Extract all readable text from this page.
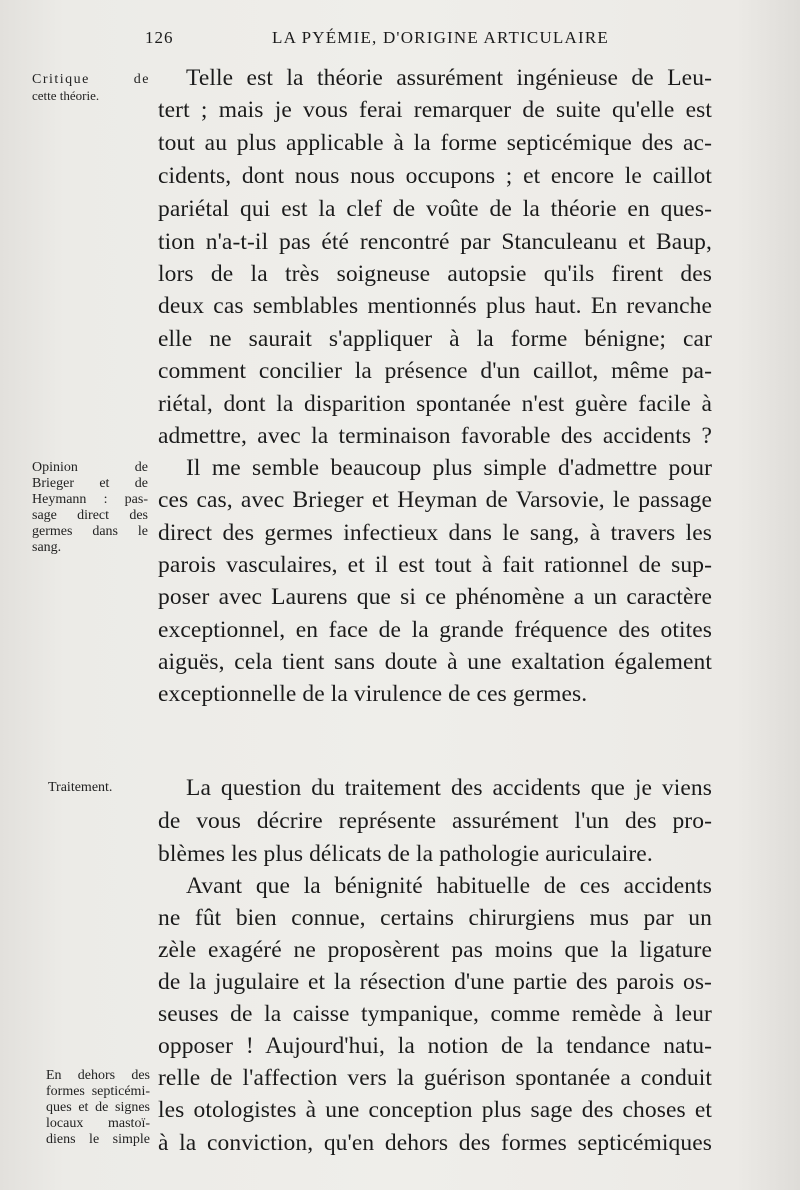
126	LA PYÉMIE, D'ORIGINE ARTICULAIRE
Critique de
cette théorie.
Opinion de
Brieger et de
Heymann : pas-
sage direct des
germes dans le
sang.
Traitement.
En dehors des
formes septicémi-
ques et de signes
locaux mastoï-
diens le simple
Telle est la théorie assurément ingénieuse de Leu-
tert ; mais je vous ferai remarquer de suite qu'elle est
tout au plus applicable à la forme septicémique des ac-
cidents, dont nous nous occupons ; et encore le caillot
pariétal qui est la clef de voûte de la théorie en ques-
tion n'a-t-il pas été rencontré par Stanculeanu et Baup,
lors de la très soigneuse autopsie qu'ils firent des
deux cas semblables mentionnés plus haut. En revanche
elle ne saurait s'appliquer à la forme bénigne; car
comment concilier la présence d'un caillot, même pa-
riétal, dont la disparition spontanée n'est guère facile à
admettre, avec la terminaison favorable des accidents ?
Il me semble beaucoup plus simple d'admettre pour
ces cas, avec Brieger et Heyman de Varsovie, le passage
direct des germes infectieux dans le sang, à travers les
parois vasculaires, et il est tout à fait rationnel de sup-
poser avec Laurens que si ce phénomène a un caractère
exceptionnel, en face de la grande fréquence des otites
aiguës, cela tient sans doute à une exaltation également
exceptionnelle de la virulence de ces germes.
La question du traitement des accidents que je viens
de vous décrire représente assurément l'un des pro-
blèmes les plus délicats de la pathologie auriculaire.
Avant que la bénignité habituelle de ces accidents
ne fût bien connue, certains chirurgiens mus par un
zèle exagéré ne proposèrent pas moins que la ligature
de la jugulaire et la résection d'une partie des parois os-
seuses de la caisse tympanique, comme remède à leur
opposer ! Aujourd'hui, la notion de la tendance natu-
relle de l'affection vers la guérison spontanée a conduit
les otologistes à une conception plus sage des choses et
à la conviction, qu'en dehors des formes septicémiques
